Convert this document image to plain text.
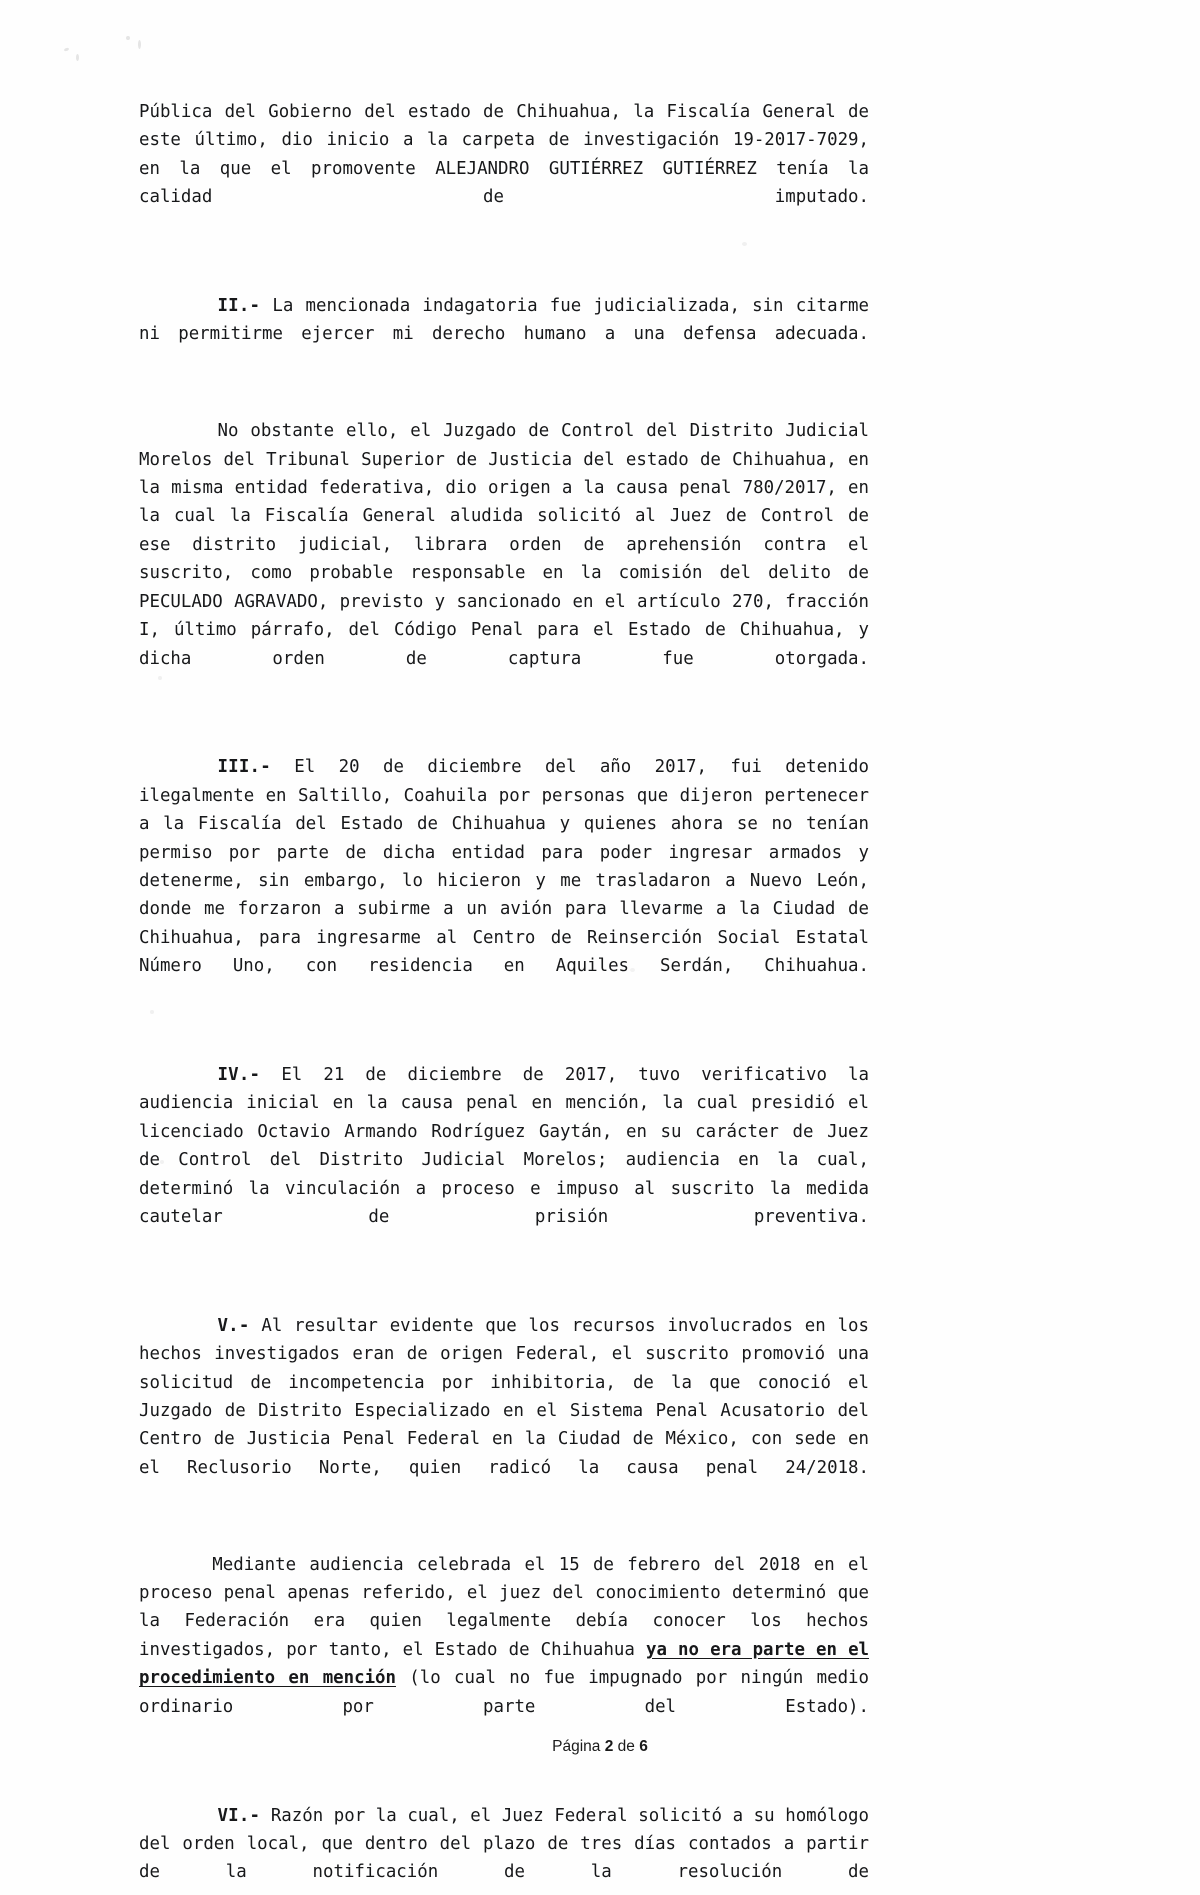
Pública del Gobierno del estado de Chihuahua, la Fiscalía General de este último, dio inicio a la carpeta de investigación 19-2017-7029, en la que el promovente ALEJANDRO GUTIÉRREZ GUTIÉRREZ tenía la calidad de imputado.

II.- La mencionada indagatoria fue judicializada, sin citarme ni permitirme ejercer mi derecho humano a una defensa adecuada.

No obstante ello, el Juzgado de Control del Distrito Judicial Morelos del Tribunal Superior de Justicia del estado de Chihuahua, en la misma entidad federativa, dio origen a la causa penal 780/2017, en la cual la Fiscalía General aludida solicitó al Juez de Control de ese distrito judicial, librara orden de aprehensión contra el suscrito, como probable responsable en la comisión del delito de PECULADO AGRAVADO, previsto y sancionado en el artículo 270, fracción I, último párrafo, del Código Penal para el Estado de Chihuahua, y dicha orden de captura fue otorgada.

III.- El 20 de diciembre del año 2017, fui detenido ilegalmente en Saltillo, Coahuila por personas que dijeron pertenecer a la Fiscalía del Estado de Chihuahua y quienes ahora se no tenían permiso por parte de dicha entidad para poder ingresar armados y detenerme, sin embargo, lo hicieron y me trasladaron a Nuevo León, donde me forzaron a subirme a un avión para llevarme a la Ciudad de Chihuahua, para ingresarme al Centro de Reinserción Social Estatal Número Uno, con residencia en Aquiles Serdán, Chihuahua.

IV.- El 21 de diciembre de 2017, tuvo verificativo la audiencia inicial en la causa penal en mención, la cual presidió el licenciado Octavio Armando Rodríguez Gaytán, en su carácter de Juez de Control del Distrito Judicial Morelos; audiencia en la cual, determinó la vinculación a proceso e impuso al suscrito la medida cautelar de prisión preventiva.

V.- Al resultar evidente que los recursos involucrados en los hechos investigados eran de origen Federal, el suscrito promovió una solicitud de incompetencia por inhibitoria, de la que conoció el Juzgado de Distrito Especializado en el Sistema Penal Acusatorio del Centro de Justicia Penal Federal en la Ciudad de México, con sede en el Reclusorio Norte, quien radicó la causa penal 24/2018.

Mediante audiencia celebrada el 15 de febrero del 2018 en el proceso penal apenas referido, el juez del conocimiento determinó que la Federación era quien legalmente debía conocer los hechos investigados, por tanto, el Estado de Chihuahua ya no era parte en el procedimiento en mención (lo cual no fue impugnado por ningún medio ordinario por parte del Estado).

VI.- Razón por la cual, el Juez Federal solicitó a su homólogo del orden local, que dentro del plazo de tres días contados a partir de la notificación de la resolución de

Página 2 de 6
